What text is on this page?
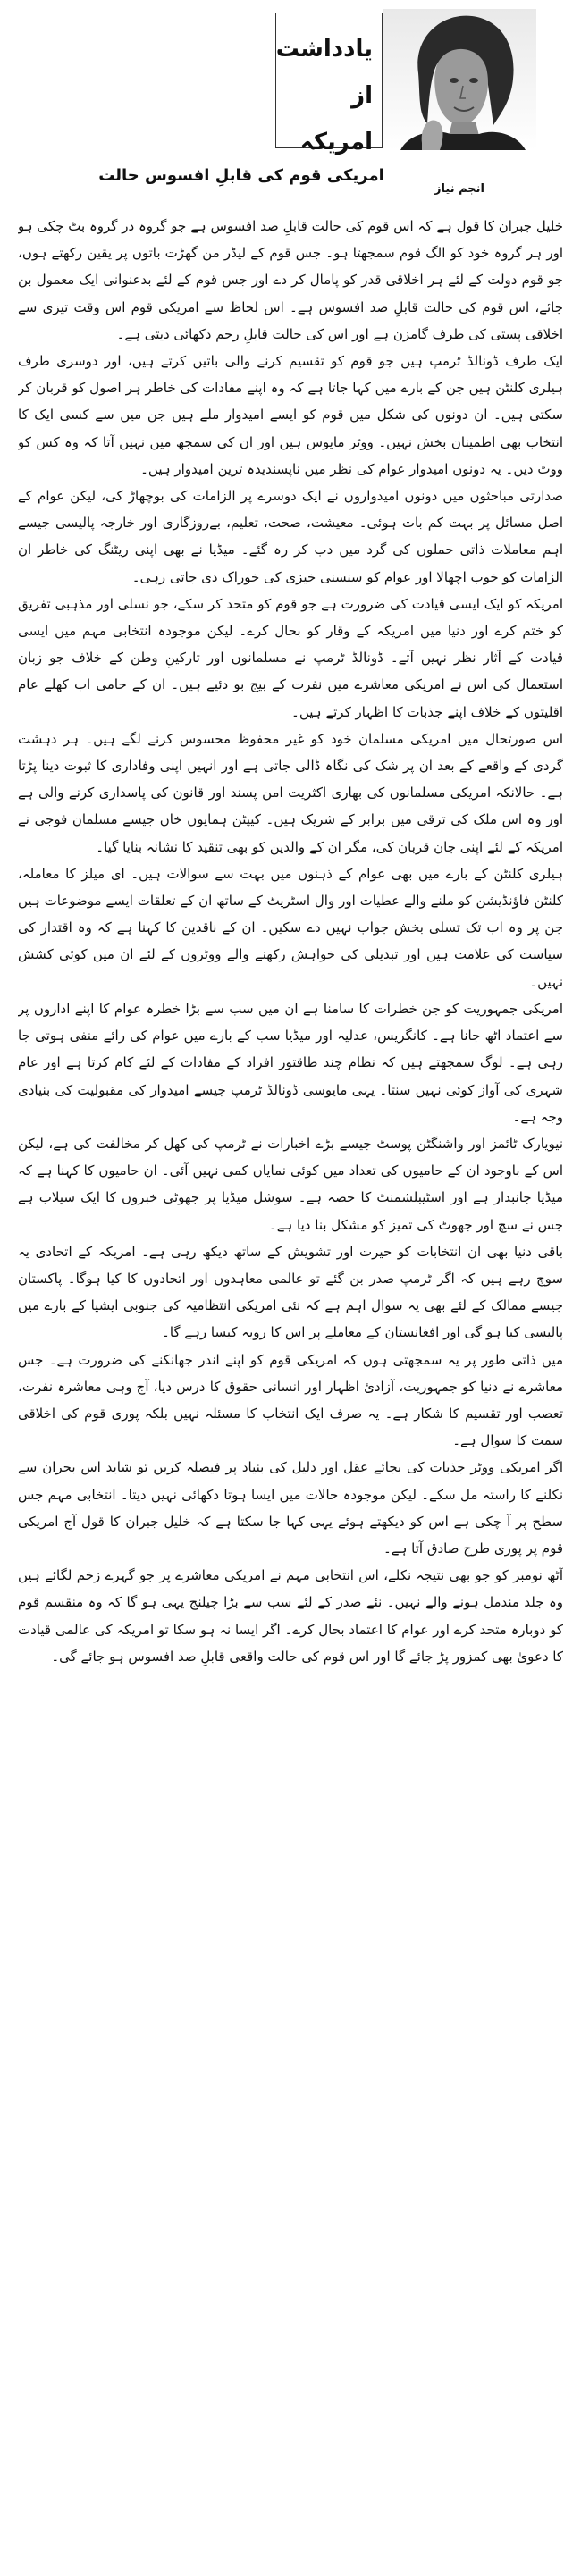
یادداشت از امریکہ
امریکی قوم کی قابلِ افسوس حالت
انجم نیاز

خلیل جبران کا قول ہے کہ اس قوم کی حالت قابلِ صد افسوس ہے جو گروہ در گروہ بٹ چکی ہو اور ہر گروہ خود کو الگ قوم سمجھتا ہو۔ جس قوم کے لیڈر من گھڑت باتوں پر یقین رکھتے ہوں، جو قوم دولت کے لئے ہر اخلاقی قدر کو پامال کر دے اور جس قوم کے لئے بدعنوانی ایک معمول بن جائے، اس قوم کی حالت قابلِ صد افسوس ہے۔ اس لحاظ سے امریکی قوم اس وقت تیزی سے اخلاقی پستی کی طرف گامزن ہے اور اس کی حالت قابلِ رحم دکھائی دیتی ہے۔

ایک طرف ڈونالڈ ٹرمپ ہیں جو قوم کو تقسیم کرنے والی باتیں کرتے ہیں، اور دوسری طرف ہیلری کلنٹن ہیں جن کے بارے میں کہا جاتا ہے کہ وہ اپنے مفادات کی خاطر ہر اصول کو قربان کر سکتی ہیں۔ ان دونوں کی شکل میں قوم کو ایسے امیدوار ملے ہیں جن میں سے کسی ایک کا انتخاب بھی اطمینان بخش نہیں۔ ووٹر مایوس ہیں اور ان کی سمجھ میں نہیں آتا کہ وہ کس کو ووٹ دیں۔ یہ دونوں امیدوار عوام کی نظر میں ناپسندیدہ ترین امیدوار ہیں۔

صدارتی مباحثوں میں دونوں امیدواروں نے ایک دوسرے پر الزامات کی بوچھاڑ کی، لیکن عوام کے اصل مسائل پر بہت کم بات ہوئی۔ معیشت، صحت، تعلیم، بےروزگاری اور خارجہ پالیسی جیسے اہم معاملات ذاتی حملوں کی گرد میں دب کر رہ گئے۔ میڈیا نے بھی اپنی ریٹنگ کی خاطر ان الزامات کو خوب اچھالا اور عوام کو سنسنی خیزی کی خوراک دی جاتی رہی۔

امریکہ کو ایک ایسی قیادت کی ضرورت ہے جو قوم کو متحد کر سکے، جو نسلی اور مذہبی تفریق کو ختم کرے اور دنیا میں امریکہ کے وقار کو بحال کرے۔ لیکن موجودہ انتخابی مہم میں ایسی قیادت کے آثار نظر نہیں آتے۔ ڈونالڈ ٹرمپ نے مسلمانوں اور تارکینِ وطن کے خلاف جو زبان استعمال کی اس نے امریکی معاشرے میں نفرت کے بیج بو دئیے ہیں۔ ان کے حامی اب کھلے عام اقلیتوں کے خلاف اپنے جذبات کا اظہار کرتے ہیں۔

اس صورتحال میں امریکی مسلمان خود کو غیر محفوظ محسوس کرنے لگے ہیں۔ ہر دہشت گردی کے واقعے کے بعد ان پر شک کی نگاہ ڈالی جاتی ہے اور انہیں اپنی وفاداری کا ثبوت دینا پڑتا ہے۔ حالانکہ امریکی مسلمانوں کی بھاری اکثریت امن پسند اور قانون کی پاسداری کرنے والی ہے اور وہ اس ملک کی ترقی میں برابر کے شریک ہیں۔ کیپٹن ہمایوں خان جیسے مسلمان فوجی نے امریکہ کے لئے اپنی جان قربان کی، مگر ان کے والدین کو بھی تنقید کا نشانہ بنایا گیا۔

ہیلری کلنٹن کے بارے میں بھی عوام کے ذہنوں میں بہت سے سوالات ہیں۔ ای میلز کا معاملہ، کلنٹن فاؤنڈیشن کو ملنے والے عطیات اور وال اسٹریٹ کے ساتھ ان کے تعلقات ایسے موضوعات ہیں جن پر وہ اب تک تسلی بخش جواب نہیں دے سکیں۔ ان کے ناقدین کا کہنا ہے کہ وہ اقتدار کی سیاست کی علامت ہیں اور تبدیلی کی خواہش رکھنے والے ووٹروں کے لئے ان میں کوئی کشش نہیں۔

امریکی جمہوریت کو جن خطرات کا سامنا ہے ان میں سب سے بڑا خطرہ عوام کا اپنے اداروں پر سے اعتماد اٹھ جانا ہے۔ کانگریس، عدلیہ اور میڈیا سب کے بارے میں عوام کی رائے منفی ہوتی جا رہی ہے۔ لوگ سمجھتے ہیں کہ نظام چند طاقتور افراد کے مفادات کے لئے کام کرتا ہے اور عام شہری کی آواز کوئی نہیں سنتا۔ یہی مایوسی ڈونالڈ ٹرمپ جیسے امیدوار کی مقبولیت کی بنیادی وجہ ہے۔

نیویارک ٹائمز اور واشنگٹن پوسٹ جیسے بڑے اخبارات نے ٹرمپ کی کھل کر مخالفت کی ہے، لیکن اس کے باوجود ان کے حامیوں کی تعداد میں کوئی نمایاں کمی نہیں آئی۔ ان حامیوں کا کہنا ہے کہ میڈیا جانبدار ہے اور اسٹیبلشمنٹ کا حصہ ہے۔ سوشل میڈیا پر جھوٹی خبروں کا ایک سیلاب ہے جس نے سچ اور جھوٹ کی تمیز کو مشکل بنا دیا ہے۔

باقی دنیا بھی ان انتخابات کو حیرت اور تشویش کے ساتھ دیکھ رہی ہے۔ امریکہ کے اتحادی یہ سوچ رہے ہیں کہ اگر ٹرمپ صدر بن گئے تو عالمی معاہدوں اور اتحادوں کا کیا ہوگا۔ پاکستان جیسے ممالک کے لئے بھی یہ سوال اہم ہے کہ نئی امریکی انتظامیہ کی جنوبی ایشیا کے بارے میں پالیسی کیا ہو گی اور افغانستان کے معاملے پر اس کا رویہ کیسا رہے گا۔

میں ذاتی طور پر یہ سمجھتی ہوں کہ امریکی قوم کو اپنے اندر جھانکنے کی ضرورت ہے۔ جس معاشرے نے دنیا کو جمہوریت، آزادیٔ اظہار اور انسانی حقوق کا درس دیا، آج وہی معاشرہ نفرت، تعصب اور تقسیم کا شکار ہے۔ یہ صرف ایک انتخاب کا مسئلہ نہیں بلکہ پوری قوم کی اخلاقی سمت کا سوال ہے۔

اگر امریکی ووٹر جذبات کی بجائے عقل اور دلیل کی بنیاد پر فیصلہ کریں تو شاید اس بحران سے نکلنے کا راستہ مل سکے۔ لیکن موجودہ حالات میں ایسا ہوتا دکھائی نہیں دیتا۔ انتخابی مہم جس سطح پر آ چکی ہے اس کو دیکھتے ہوئے یہی کہا جا سکتا ہے کہ خلیل جبران کا قول آج امریکی قوم پر پوری طرح صادق آتا ہے۔

آٹھ نومبر کو جو بھی نتیجہ نکلے، اس انتخابی مہم نے امریکی معاشرے پر جو گہرے زخم لگائے ہیں وہ جلد مندمل ہونے والے نہیں۔ نئے صدر کے لئے سب سے بڑا چیلنج یہی ہو گا کہ وہ منقسم قوم کو دوبارہ متحد کرے اور عوام کا اعتماد بحال کرے۔ اگر ایسا نہ ہو سکا تو امریکہ کی عالمی قیادت کا دعویٰ بھی کمزور پڑ جائے گا اور اس قوم کی حالت واقعی قابلِ صد افسوس ہو جائے گی۔
